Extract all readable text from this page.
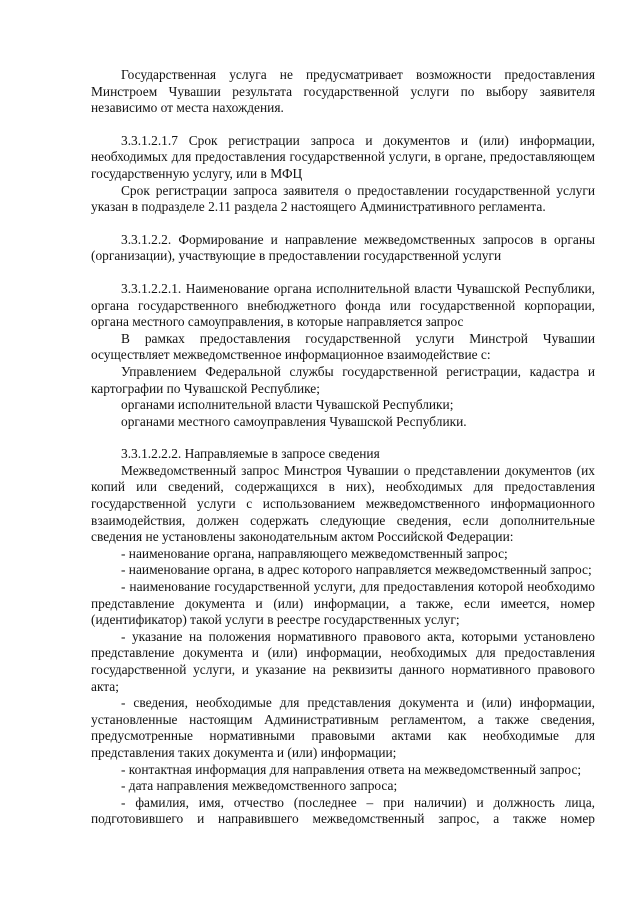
Государственная услуга не предусматривает возможности предоставления Минстроем Чувашии результата государственной услуги по выбору заявителя независимо от места нахождения.

3.3.1.2.1.7 Срок регистрации запроса и документов и (или) информации, необходимых для предоставления государственной услуги, в органе, предоставляющем государственную услугу, или в МФЦ

Срок регистрации запроса заявителя о предоставлении государственной услуги указан в подразделе 2.11 раздела 2 настоящего Административного регламента.

3.3.1.2.2. Формирование и направление межведомственных запросов в органы (организации), участвующие в предоставлении государственной услуги

3.3.1.2.2.1. Наименование органа исполнительной власти Чувашской Республики, органа государственного внебюджетного фонда или государственной корпорации, органа местного самоуправления, в которые направляется запрос

В рамках предоставления государственной услуги Минстрой Чувашии осуществляет межведомственное информационное взаимодействие с:

Управлением Федеральной службы государственной регистрации, кадастра и картографии по Чувашской Республике;

органами исполнительной власти Чувашской Республики;

органами местного самоуправления Чувашской Республики.

3.3.1.2.2.2. Направляемые в запросе сведения

Межведомственный запрос Минстроя Чувашии о представлении документов (их копий или сведений, содержащихся в них), необходимых для предоставления государственной услуги с использованием межведомственного информационного взаимодействия, должен содержать следующие сведения, если дополнительные сведения не установлены законодательным актом Российской Федерации:

- наименование органа, направляющего межведомственный запрос;

- наименование органа, в адрес которого направляется межведомственный запрос;

- наименование государственной услуги, для предоставления которой необходимо представление документа и (или) информации, а также, если имеется, номер (идентификатор) такой услуги в реестре государственных услуг;

- указание на положения нормативного правового акта, которыми установлено представление документа и (или) информации, необходимых для предоставления государственной услуги, и указание на реквизиты данного нормативного правового акта;

- сведения, необходимые для представления документа и (или) информации, установленные настоящим Административным регламентом, а также сведения, предусмотренные нормативными правовыми актами как необходимые для представления таких документа и (или) информации;

- контактная информация для направления ответа на межведомственный запрос;

- дата направления межведомственного запроса;

- фамилия, имя, отчество (последнее – при наличии) и должность лица, подготовившего и направившего межведомственный запрос, а также номер
